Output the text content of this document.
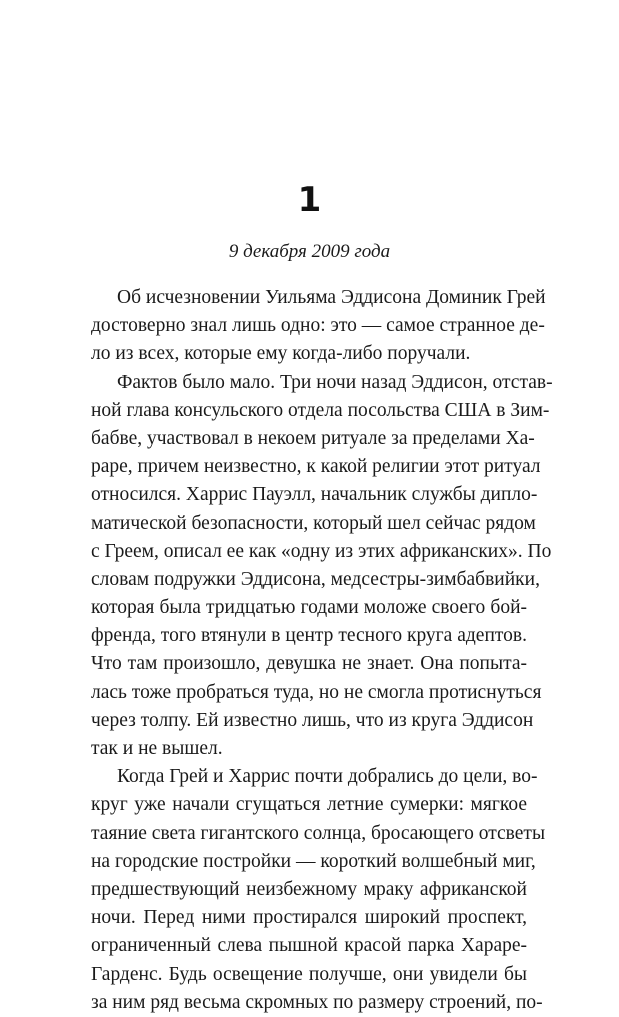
1
9 декабря 2009 года
Об исчезновении Уильяма Эддисона Доминик Грей
достоверно знал лишь одно: это — самое странное де-
ло из всех, которые ему когда-либо поручали.
Фактов было мало. Три ночи назад Эддисон, отстав-
ной глава консульского отдела посольства США в Зим-
бабве, участвовал в некоем ритуале за пределами Ха-
раре, причем неизвестно, к какой религии этот ритуал
относился. Харрис Пауэлл, начальник службы дипло-
матической безопасности, который шел сейчас рядом
с Греем, описал ее как «одну из этих африканских». По
словам подружки Эддисона, медсестры-зимбабвийки,
которая была тридцатью годами моложе своего бой-
френда, того втянули в центр тесного круга адептов.
Что там произошло, девушка не знает. Она попыта-
лась тоже пробраться туда, но не смогла протиснуться
через толпу. Ей известно лишь, что из круга Эддисон
так и не вышел.
Когда Грей и Харрис почти добрались до цели, во-
круг уже начали сгущаться летние сумерки: мягкое
таяние света гигантского солнца, бросающего отсветы
на городские постройки — короткий волшебный миг,
предшествующий неизбежному мраку африканской
ночи. Перед ними простирался широкий проспект,
ограниченный слева пышной красой парка Хараре-
Гарденс. Будь освещение получше, они увидели бы
за ним ряд весьма скромных по размеру строений, по-
